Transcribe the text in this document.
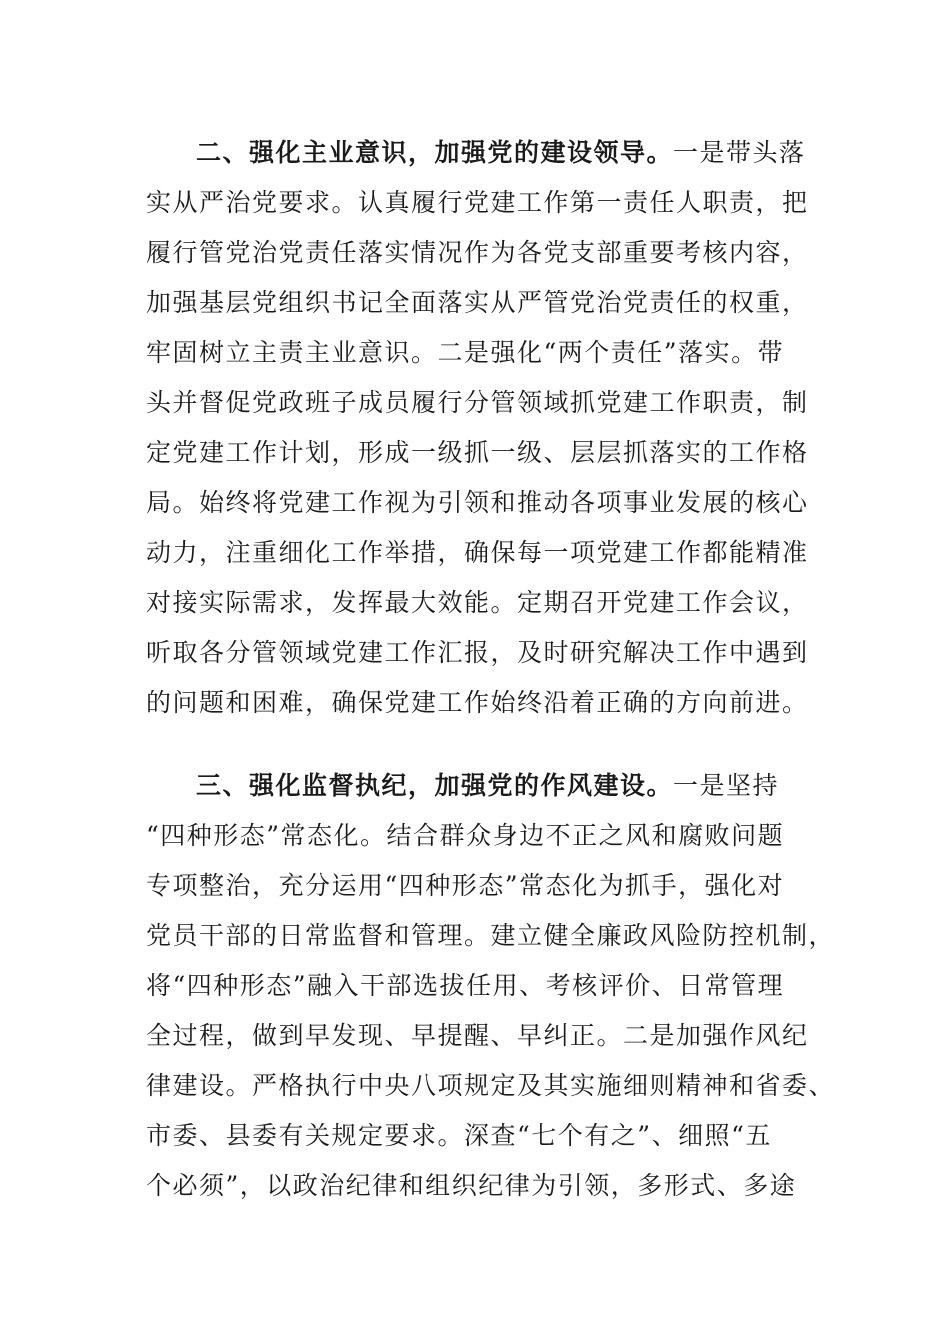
二、强化主业意识，加强党的建设领导。一是带头落
实从严治党要求。认真履行党建工作第一责任人职责，把
履行管党治党责任落实情况作为各党支部重要考核内容，
加强基层党组织书记全面落实从严管党治党责任的权重，
牢固树立主责主业意识。二是强化“两个责任”落实。带
头并督促党政班子成员履行分管领域抓党建工作职责，制
定党建工作计划，形成一级抓一级、层层抓落实的工作格
局。始终将党建工作视为引领和推动各项事业发展的核心
动力，注重细化工作举措，确保每一项党建工作都能精准
对接实际需求，发挥最大效能。定期召开党建工作会议，
听取各分管领域党建工作汇报，及时研究解决工作中遇到
的问题和困难，确保党建工作始终沿着正确的方向前进。
三、强化监督执纪，加强党的作风建设。一是坚持
“四种形态”常态化。结合群众身边不正之风和腐败问题
专项整治，充分运用“四种形态”常态化为抓手，强化对
党员干部的日常监督和管理。建立健全廉政风险防控机制，
将“四种形态”融入干部选拔任用、考核评价、日常管理
全过程，做到早发现、早提醒、早纠正。二是加强作风纪
律建设。严格执行中央八项规定及其实施细则精神和省委、
市委、县委有关规定要求。深查“七个有之”、细照“五
个必须”，以政治纪律和组织纪律为引领，多形式、多途
